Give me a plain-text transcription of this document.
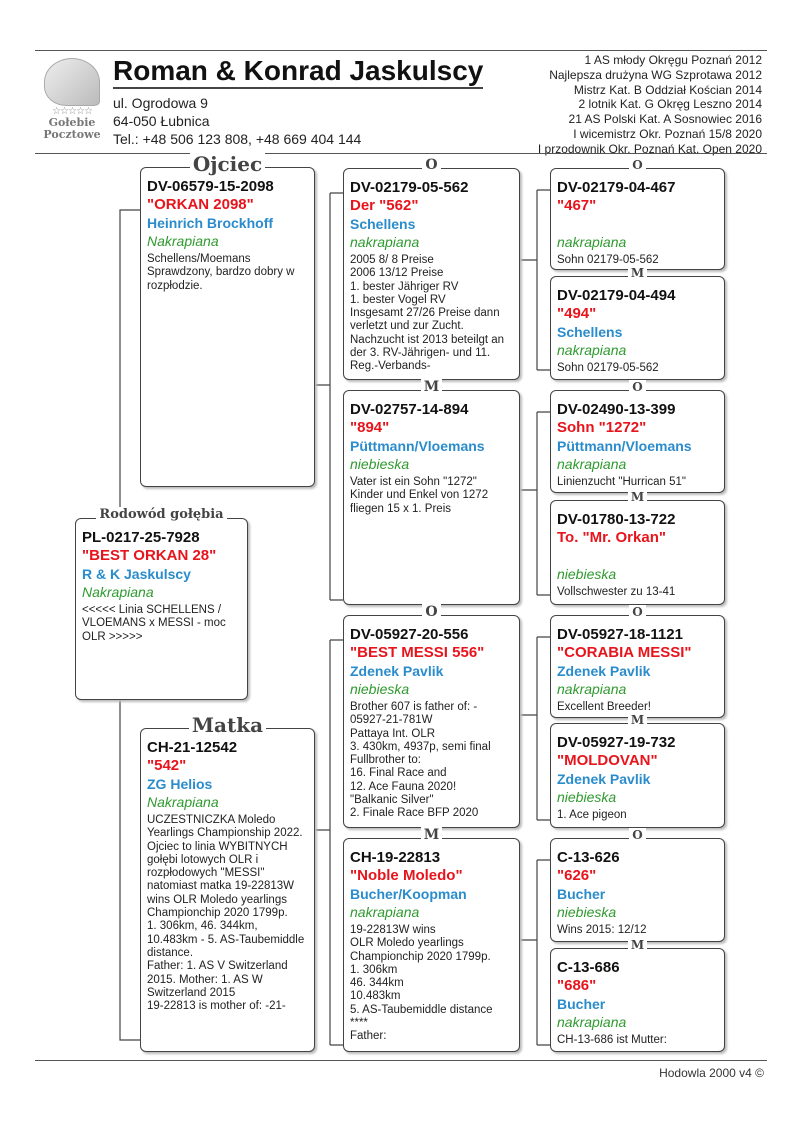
☆☆☆☆☆
Gołebie
Pocztowe
Roman & Konrad Jaskulscy
ul. Ogrodowa 9
64-050 Łubnica
Tel.: +48 506 123 808, +48 669 404 144
1 AS młody Okręgu Poznań 2012
Najlepsza drużyna WG Szprotawa 2012
Mistrz Kat. B Oddział Kościan 2014
2 lotnik Kat. G Okręg Leszno 2014
21 AS Polski Kat. A Sosnowiec 2016
I wicemistrz Okr. Poznań 15/8 2020
I przodownik Okr. Poznań Kat. Open 2020
Rodowód gołębia
PL-0217-25-7928
"BEST ORKAN 28"
R & K Jaskulscy
Nakrapiana
<<<<< Linia SCHELLENS / VLOEMANS x MESSI - moc OLR >>>>>
Ojciec
DV-06579-15-2098
"ORKAN 2098"
Heinrich Brockhoff
Nakrapiana
Schellens/Moemans
Sprawdzony, bardzo dobry w rozpłodzie.
Matka
CH-21-12542
"542"
ZG Helios
Nakrapiana
UCZESTNICZKA Moledo Yearlings Championship 2022.
Ojciec to linia WYBITNYCH gołębi lotowych OLR i rozpłodowych "MESSI" natomiast matka 19-22813W wins OLR Moledo yearlings Championchip 2020 1799p.
1. 306km, 46. 344km, 10.483km - 5. AS-Taubemiddle distance.
Father: 1. AS V Switzerland 2015. Mother: 1. AS W Switzerland 2015
19-22813 is mother of: -21-
O
DV-02179-05-562
Der "562"
Schellens
nakrapiana
2005 8/ 8 Preise
2006 13/12 Preise
1. bester Jähriger RV
1. bester Vogel RV
Insgesamt 27/26 Preise dann verletzt und zur Zucht.
Nachzucht ist 2013 beteilgt an der 3. RV-Jährigen- und 11. Reg.-Verbands-
M
DV-02757-14-894
"894"
Püttmann/Vloemans
niebieska
Vater ist ein Sohn "1272"
Kinder und Enkel von 1272 fliegen 15 x 1. Preis
O
DV-05927-20-556
"BEST MESSI 556"
Zdenek Pavlik
niebieska
Brother 607 is father of: -
05927-21-781W
Pattaya Int. OLR
3. 430km, 4937p, semi final
Fullbrother to:
16. Final Race and
12. Ace Fauna 2020!
"Balkanic Silver"
2. Finale Race BFP 2020
M
CH-19-22813
"Noble Moledo"
Bucher/Koopman
nakrapiana
19-22813W wins
OLR Moledo yearlings
Championchip 2020 1799p.
1. 306km
46. 344km
10.483km
5. AS-Taubemiddle distance
****
Father:
O
DV-02179-04-467
"467"
nakrapiana
Sohn 02179-05-562
M
DV-02179-04-494
"494"
Schellens
nakrapiana
Sohn 02179-05-562
O
DV-02490-13-399
Sohn "1272"
Püttmann/Vloemans
nakrapiana
Linienzucht "Hurrican 51"
M
DV-01780-13-722
To. "Mr. Orkan"
niebieska
Vollschwester zu 13-41
O
DV-05927-18-1121
"CORABIA MESSI"
Zdenek Pavlik
nakrapiana
Excellent Breeder!
M
DV-05927-19-732
"MOLDOVAN"
Zdenek Pavlik
niebieska
1. Ace pigeon
O
C-13-626
"626"
Bucher
niebieska
Wins 2015: 12/12
M
C-13-686
"686"
Bucher
nakrapiana
CH-13-686 ist Mutter:
Hodowla 2000 v4 ©
